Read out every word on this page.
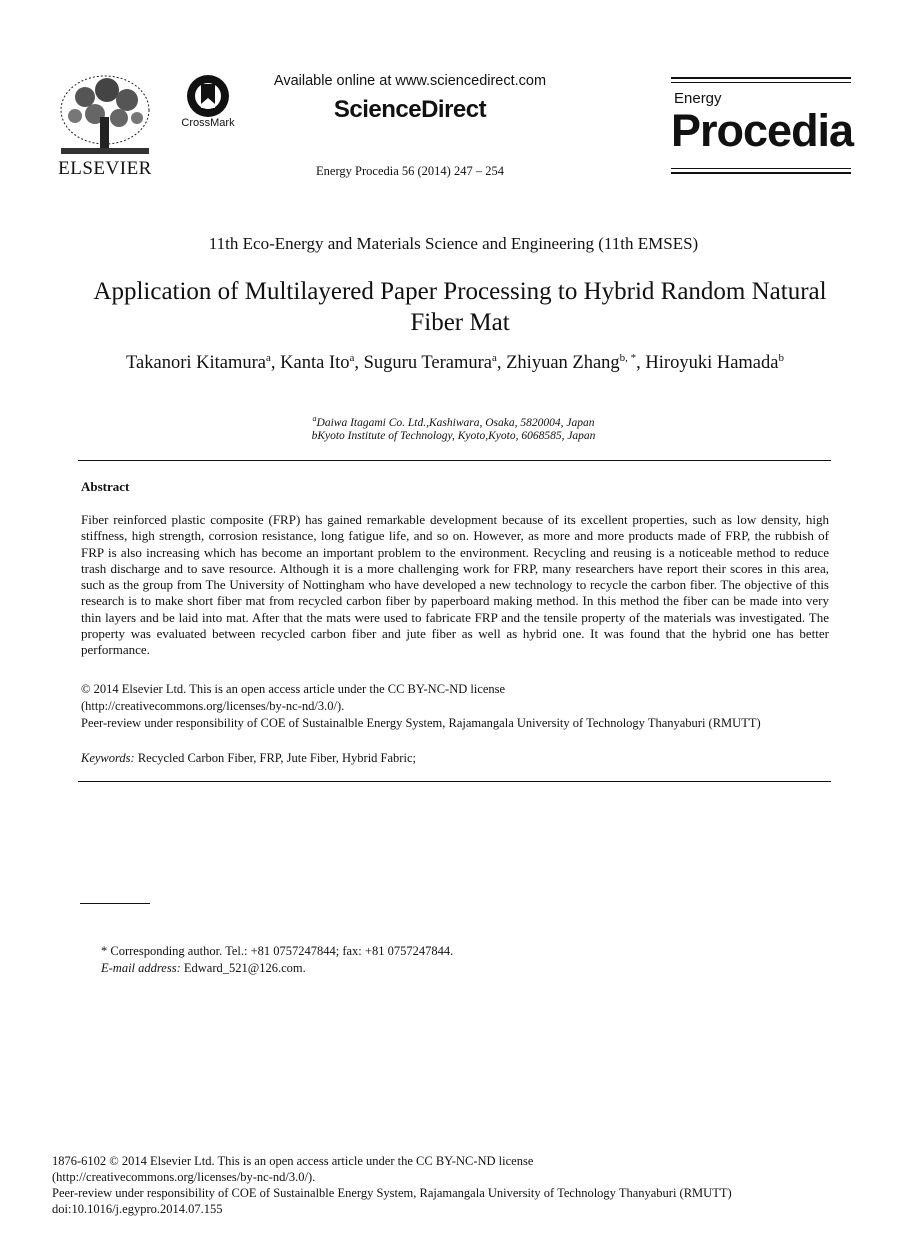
ELSEVIER
CrossMark
Available online at www.sciencedirect.com
ScienceDirect
Energy Procedia 56 (2014) 247 – 254
Energy
Procedia
11th Eco-Energy and Materials Science and Engineering (11th EMSES)
Application of Multilayered Paper Processing to Hybrid Random Natural Fiber Mat
Takanori Kitamura$^a$, Kanta Ito$^a$, Suguru Teramura$^a$, Zhiyuan Zhang$^{b, *}$, Hiroyuki Hamada$^b$
$^a$Daiwa Itagami Co. Ltd.,Kashiwara, Osaka, 5820004, Japan
bKyoto Institute of Technology, Kyoto,Kyoto, 6068585, Japan
Abstract
Fiber reinforced plastic composite (FRP) has gained remarkable development because of its excellent properties, such as low density, high stiffness, high strength, corrosion resistance, long fatigue life, and so on. However, as more and more products made of FRP, the rubbish of FRP is also increasing which has become an important problem to the environment. Recycling and reusing is a noticeable method to reduce trash discharge and to save resource. Although it is a more challenging work for FRP, many researchers have report their scores in this area, such as the group from The University of Nottingham who have developed a new technology to recycle the carbon fiber. The objective of this research is to make short fiber mat from recycled carbon fiber by paperboard making method. In this method the fiber can be made into very thin layers and be laid into mat. After that the mats were used to fabricate FRP and the tensile property of the materials was investigated. The property was evaluated between recycled carbon fiber and jute fiber as well as hybrid one. It was found that the hybrid one has better performance.
© 2014 Elsevier Ltd. This is an open access article under the CC BY-NC-ND license
(http://creativecommons.org/licenses/by-nc-nd/3.0/).
Peer-review under responsibility of COE of Sustainalble Energy System, Rajamangala University of Technology Thanyaburi (RMUTT)
Keywords: Recycled Carbon Fiber, FRP, Jute Fiber, Hybrid Fabric;
* Corresponding author. Tel.: +81 0757247844; fax: +81 0757247844.
E-mail address: Edward_521@126.com.
1876-6102 © 2014 Elsevier Ltd. This is an open access article under the CC BY-NC-ND license
(http://creativecommons.org/licenses/by-nc-nd/3.0/).
Peer-review under responsibility of COE of Sustainalble Energy System, Rajamangala University of Technology Thanyaburi (RMUTT)
doi:10.1016/j.egypro.2014.07.155
